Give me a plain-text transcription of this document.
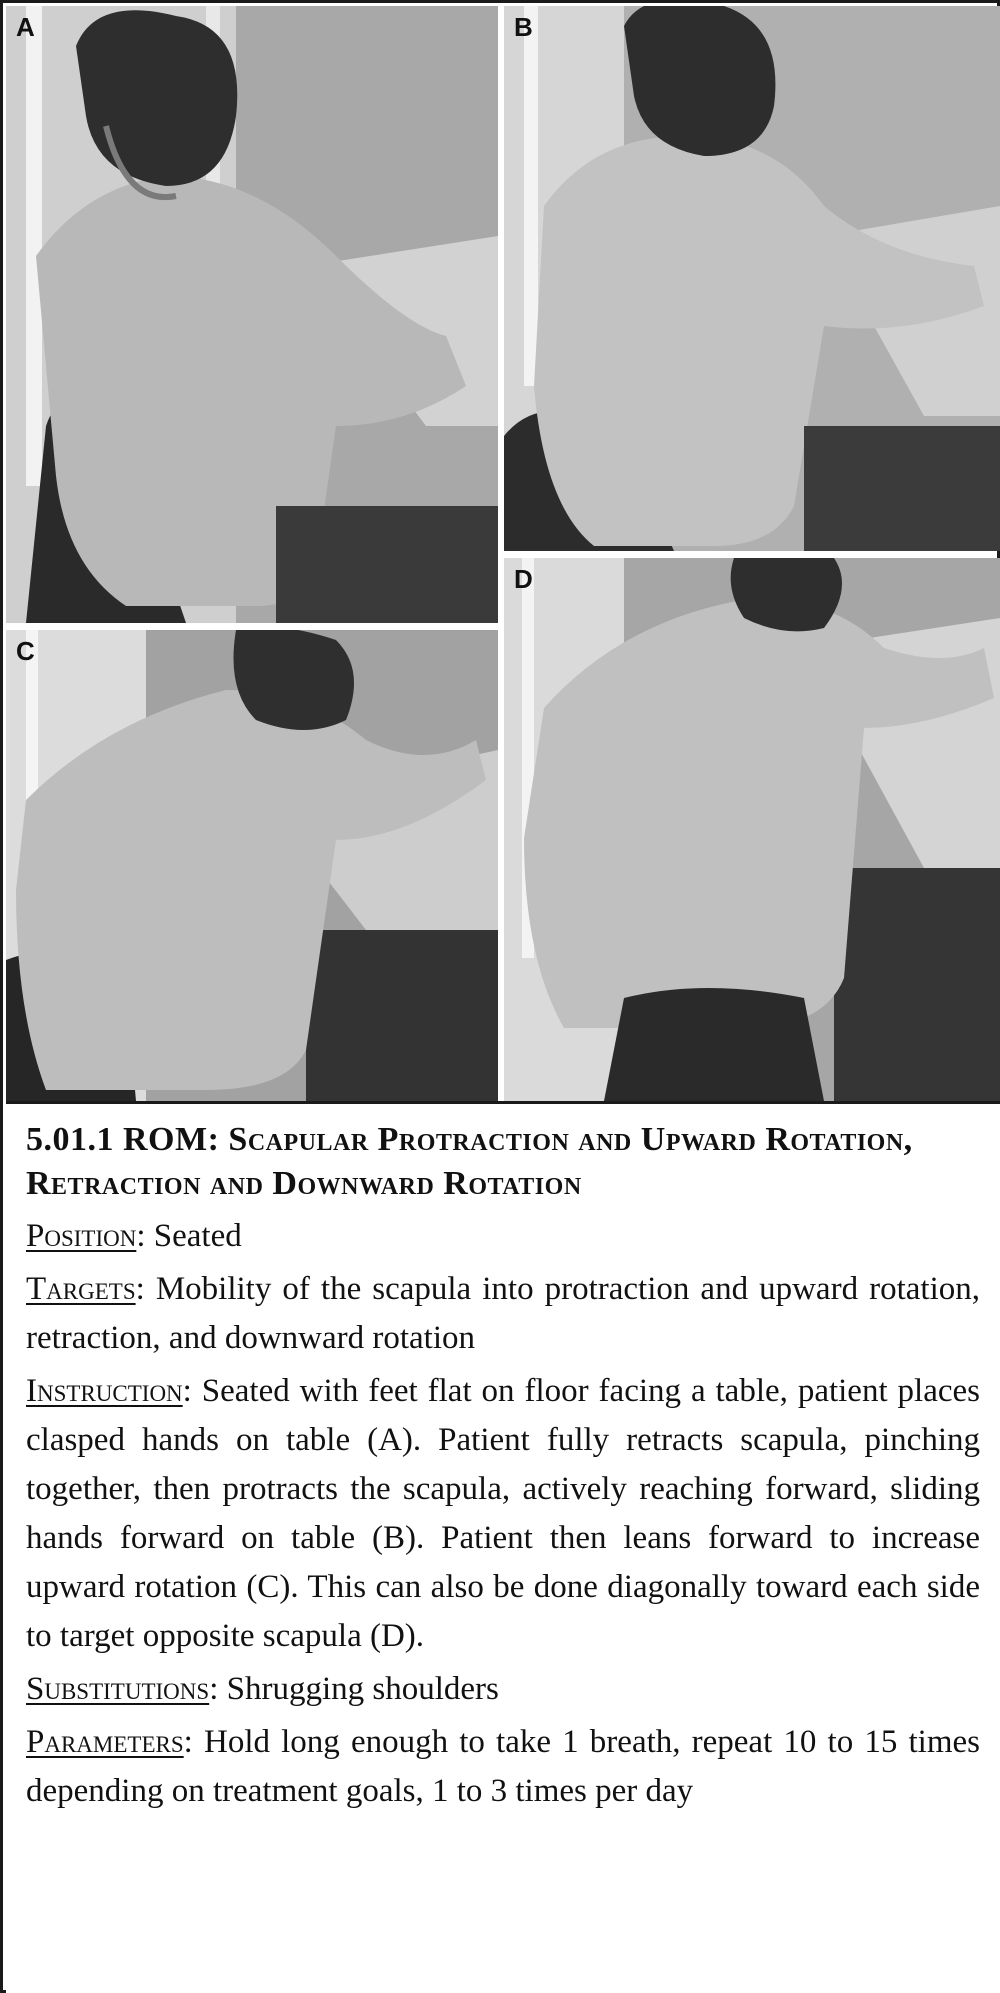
A	B
C
D
5.01.1 ROM: Scapular Protraction and Upward Rotation, Retraction and Downward Rotation
Position: Seated
Targets: Mobility of the scapula into protraction and upward rotation, retraction, and downward rotation
Instruction: Seated with feet flat on floor facing a table, patient places clasped hands on table (A). Patient fully retracts scapula, pinching together, then protracts the scapula, actively reaching forward, sliding hands forward on table (B). Patient then leans forward to increase upward rotation (C). This can also be done diagonally toward each side to target opposite scapula (D).
Substitutions: Shrugging shoulders
Parameters: Hold long enough to take 1 breath, repeat 10 to 15 times depending on treatment goals, 1 to 3 times per day
